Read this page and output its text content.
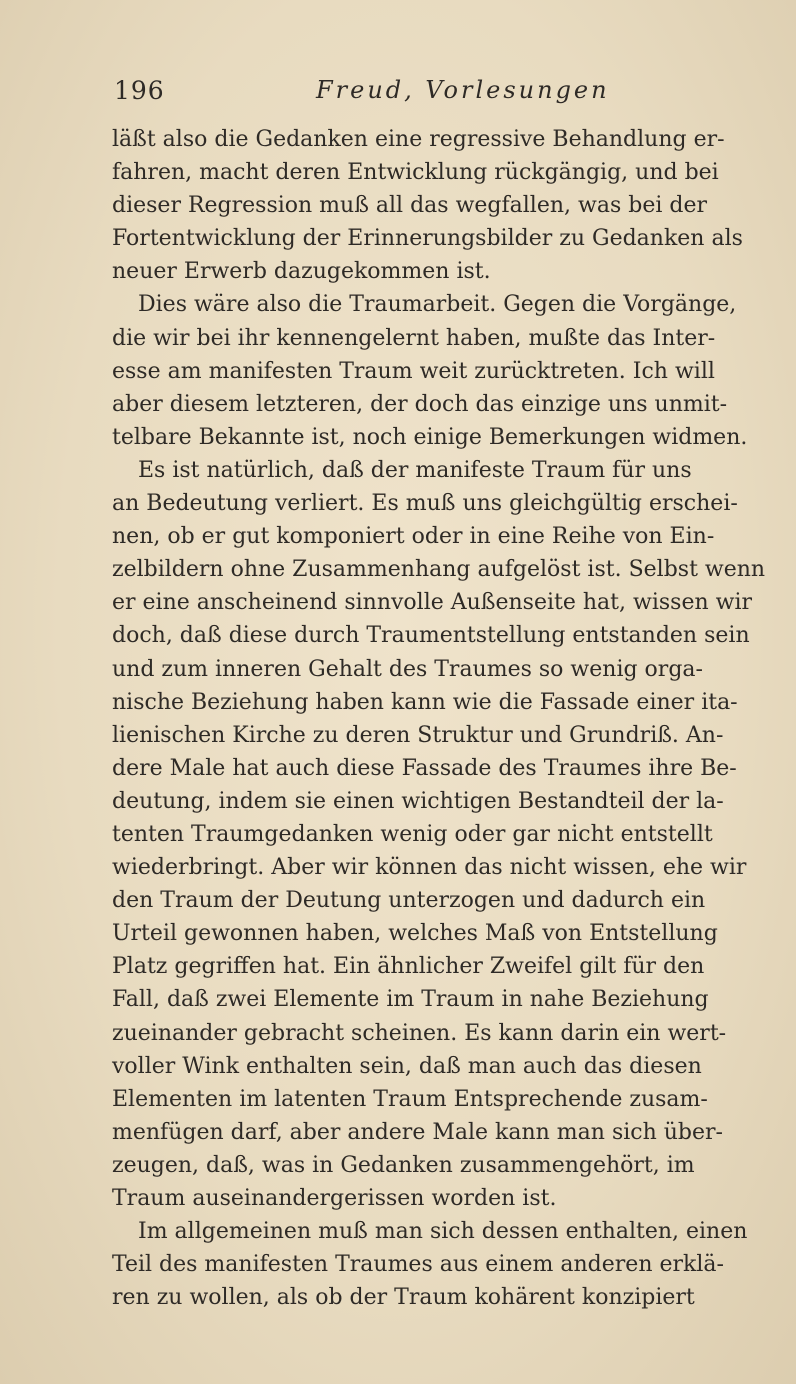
196	Freud, Vorlesungen
läßt also die Gedanken eine regressive Behandlung er-
fahren, macht deren Entwicklung rückgängig, und bei
dieser Regression muß all das wegfallen, was bei der
Fortentwicklung der Erinnerungsbilder zu Gedanken als
neuer Erwerb dazugekommen ist.
Dies wäre also die Traumarbeit. Gegen die Vorgänge,
die wir bei ihr kennengelernt haben, mußte das Inter-
esse am manifesten Traum weit zurücktreten. Ich will
aber diesem letzteren, der doch das einzige uns unmit-
telbare Bekannte ist, noch einige Bemerkungen widmen.
Es ist natürlich, daß der manifeste Traum für uns
an Bedeutung verliert. Es muß uns gleichgültig erschei-
nen, ob er gut komponiert oder in eine Reihe von Ein-
zelbildern ohne Zusammenhang aufgelöst ist. Selbst wenn
er eine anscheinend sinnvolle Außenseite hat, wissen wir
doch, daß diese durch Traumentstellung entstanden sein
und zum inneren Gehalt des Traumes so wenig orga-
nische Beziehung haben kann wie die Fassade einer ita-
lienischen Kirche zu deren Struktur und Grundriß. An-
dere Male hat auch diese Fassade des Traumes ihre Be-
deutung, indem sie einen wichtigen Bestandteil der la-
tenten Traumgedanken wenig oder gar nicht entstellt
wiederbringt. Aber wir können das nicht wissen, ehe wir
den Traum der Deutung unterzogen und dadurch ein
Urteil gewonnen haben, welches Maß von Entstellung
Platz gegriffen hat. Ein ähnlicher Zweifel gilt für den
Fall, daß zwei Elemente im Traum in nahe Beziehung
zueinander gebracht scheinen. Es kann darin ein wert-
voller Wink enthalten sein, daß man auch das diesen
Elementen im latenten Traum Entsprechende zusam-
menfügen darf, aber andere Male kann man sich über-
zeugen, daß, was in Gedanken zusammengehört, im
Traum auseinandergerissen worden ist.
Im allgemeinen muß man sich dessen enthalten, einen
Teil des manifesten Traumes aus einem anderen erklä-
ren zu wollen, als ob der Traum kohärent konzipiert
